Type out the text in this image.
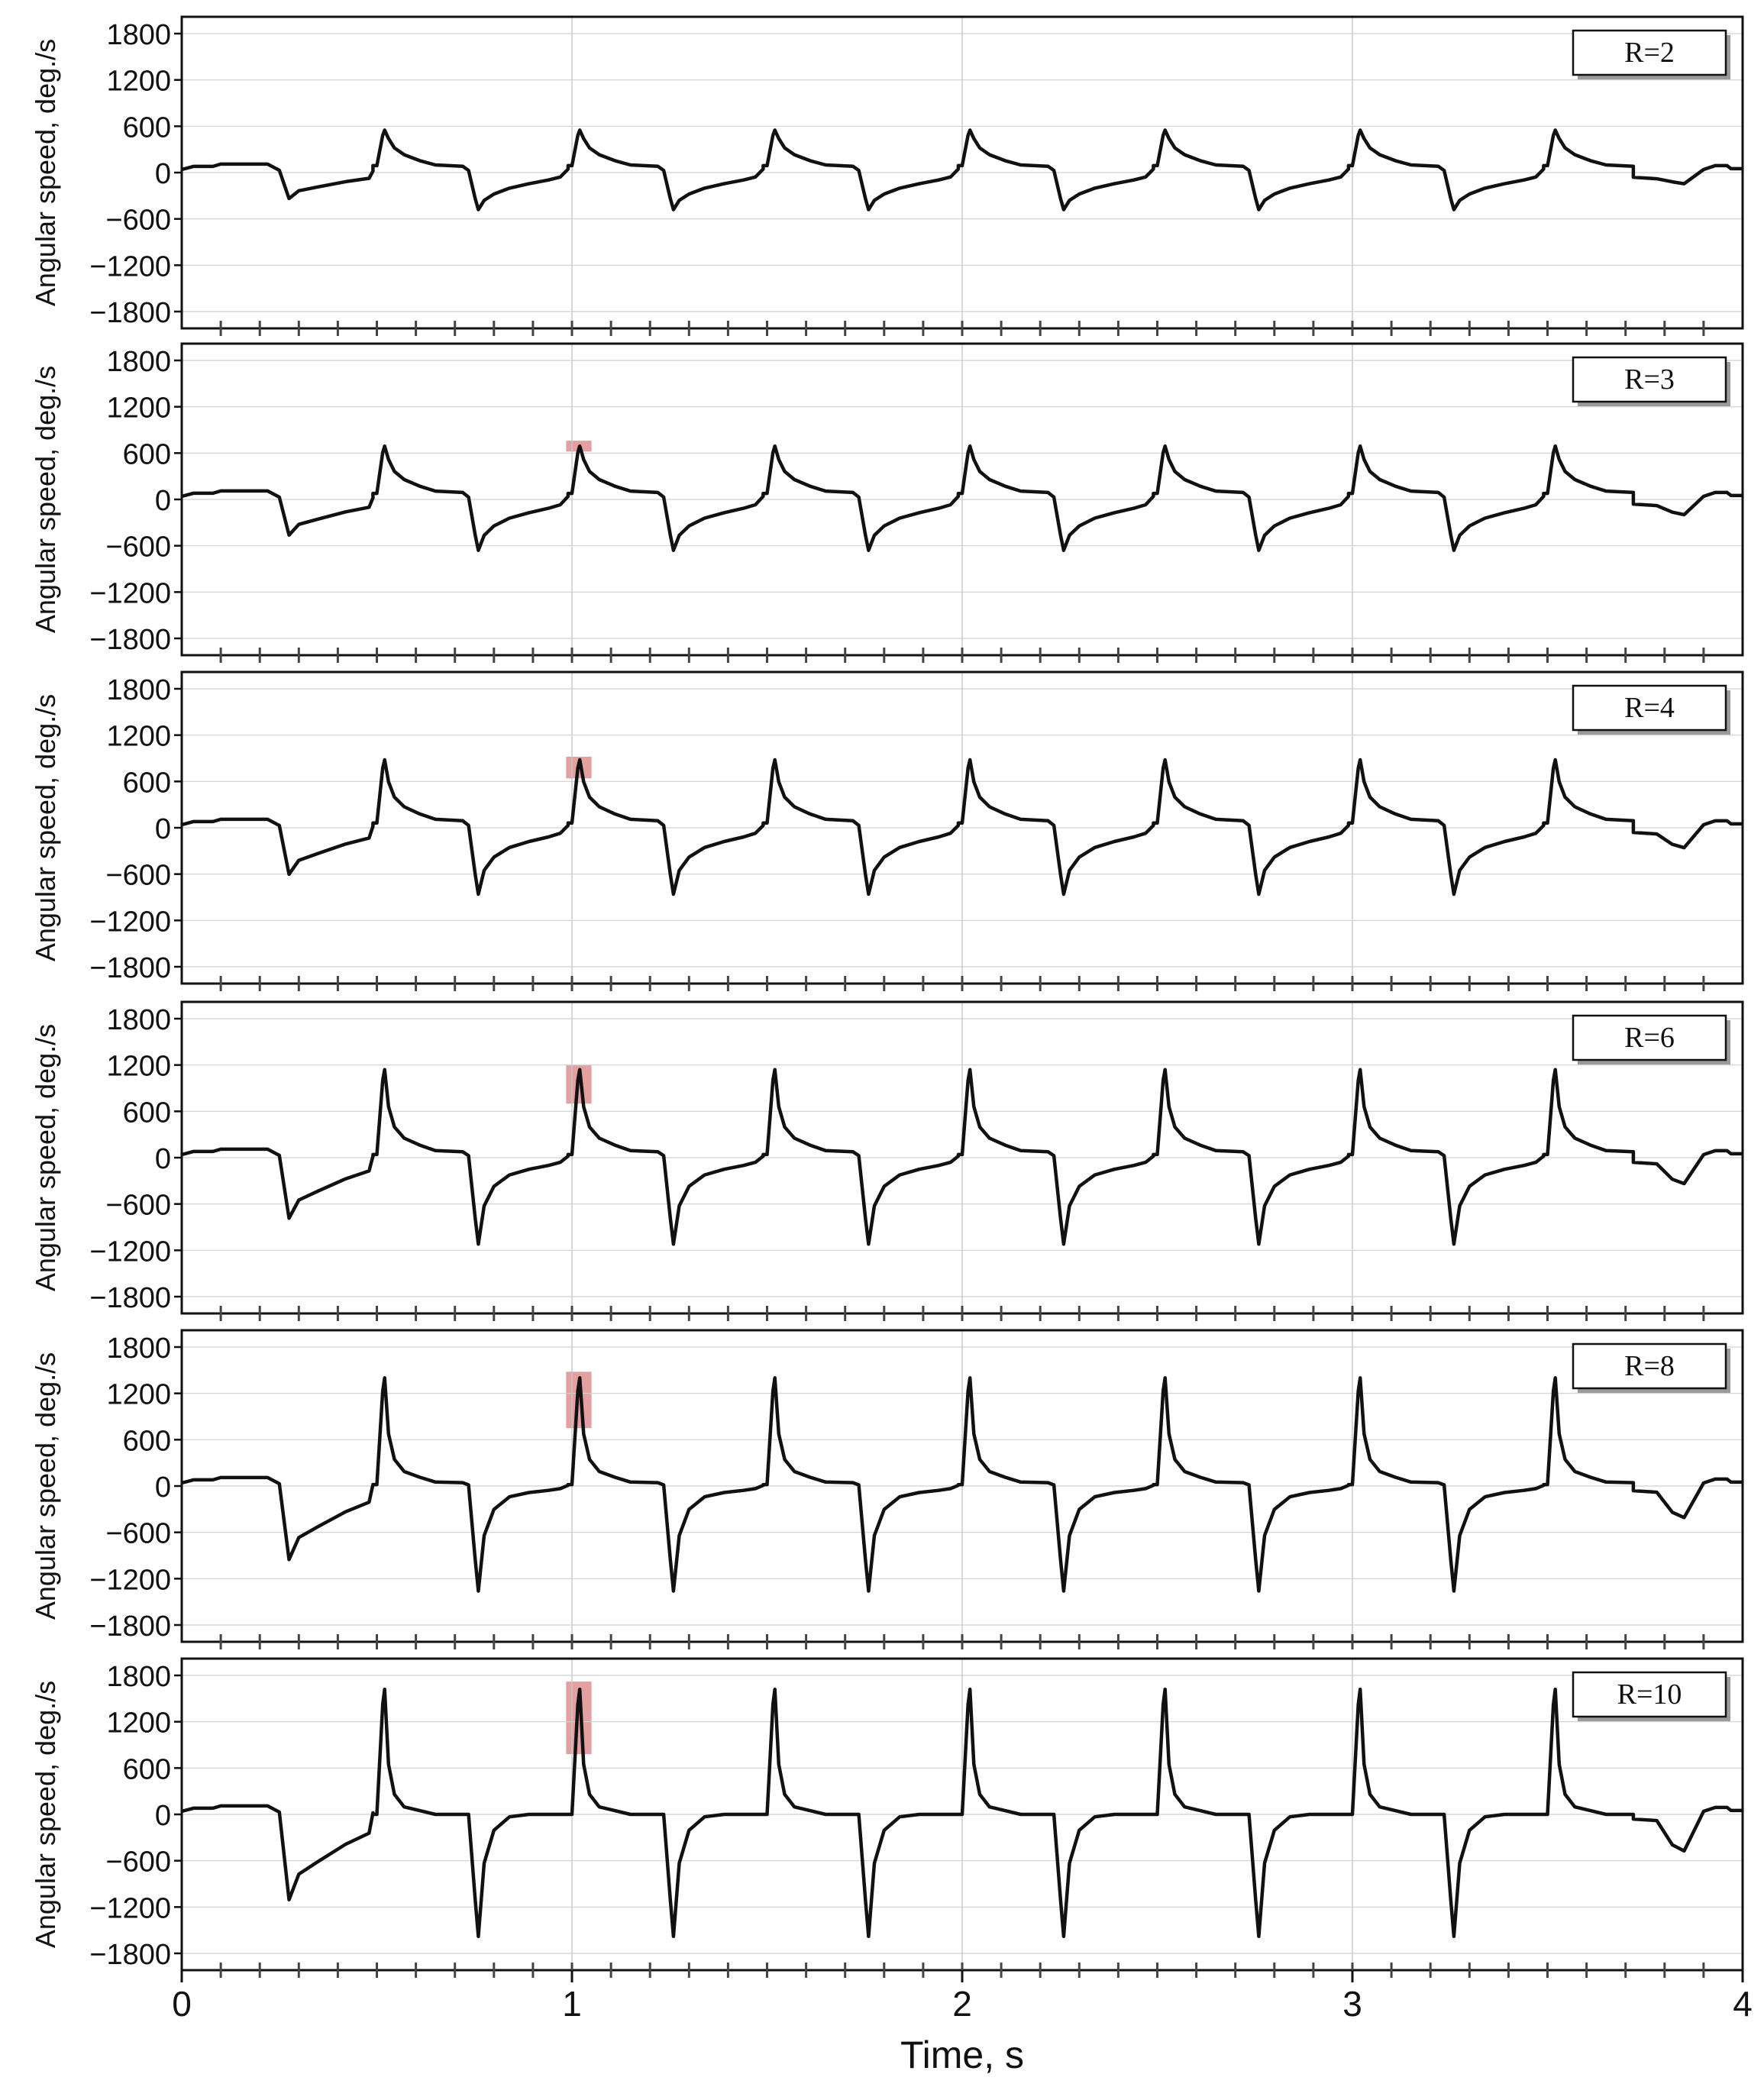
−1800
−1200
−600
0
600
1200
1800
Angular speed, deg./s	R=2
−1800
−1200
−600
0
600
1200
1800
Angular speed, deg./s	R=3
−1800
−1200
−600
0
600
1200
1800
Angular speed, deg./s	R=4
−1800
−1200
−600
0
600
1200
1800
Angular speed, deg./s	R=6
−1800
−1200
−600
0
600
1200
1800
Angular speed, deg./s	R=8
−1800
−1200
−600
0
600
1200
1800
Angular speed, deg./s	R=10
0	1	2	3	4
Time, s
